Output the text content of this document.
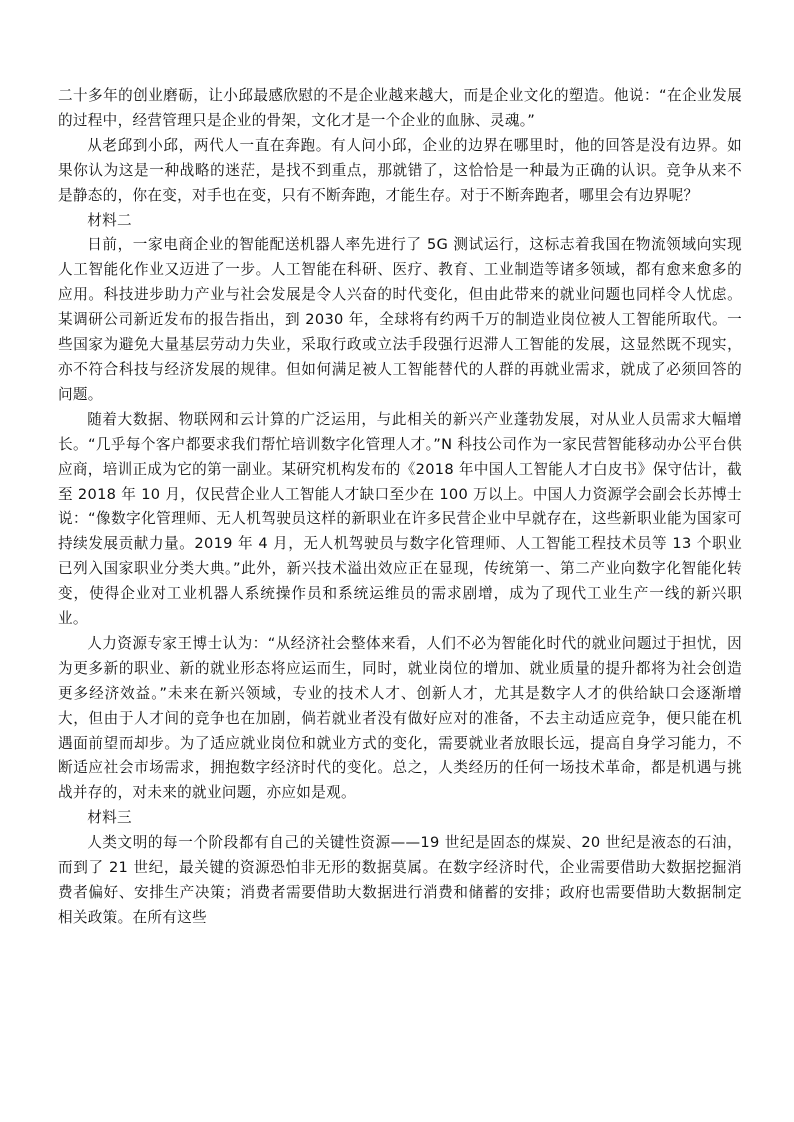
二十多年的创业磨砺，让小邱最感欣慰的不是企业越来越大，而是企业文化的塑造。他说：“在企业发展的过程中，经营管理只是企业的骨架，文化才是一个企业的血脉、灵魂。”

从老邱到小邱，两代人一直在奔跑。有人问小邱，企业的边界在哪里时，他的回答是没有边界。如果你认为这是一种战略的迷茫，是找不到重点，那就错了，这恰恰是一种最为正确的认识。竞争从来不是静态的，你在变，对手也在变，只有不断奔跑，才能生存。对于不断奔跑者，哪里会有边界呢？

材料二

日前，一家电商企业的智能配送机器人率先进行了 5G 测试运行，这标志着我国在物流领域向实现人工智能化作业又迈进了一步。人工智能在科研、医疗、教育、工业制造等诸多领域，都有愈来愈多的应用。科技进步助力产业与社会发展是令人兴奋的时代变化，但由此带来的就业问题也同样令人忧虑。某调研公司新近发布的报告指出，到 2030 年，全球将有约两千万的制造业岗位被人工智能所取代。一些国家为避免大量基层劳动力失业，采取行政或立法手段强行迟滞人工智能的发展，这显然既不现实，亦不符合科技与经济发展的规律。但如何满足被人工智能替代的人群的再就业需求，就成了必须回答的问题。

随着大数据、物联网和云计算的广泛运用，与此相关的新兴产业蓬勃发展，对从业人员需求大幅增长。“几乎每个客户都要求我们帮忙培训数字化管理人才。”N 科技公司作为一家民营智能移动办公平台供应商，培训正成为它的第一副业。某研究机构发布的《2018 年中国人工智能人才白皮书》保守估计，截至 2018 年 10 月，仅民营企业人工智能人才缺口至少在 100 万以上。中国人力资源学会副会长苏博士说：“像数字化管理师、无人机驾驶员这样的新职业在许多民营企业中早就存在，这些新职业能为国家可持续发展贡献力量。2019 年 4 月，无人机驾驶员与数字化管理师、人工智能工程技术员等 13 个职业已列入国家职业分类大典。”此外，新兴技术溢出效应正在显现，传统第一、第二产业向数字化智能化转变，使得企业对工业机器人系统操作员和系统运维员的需求剧增，成为了现代工业生产一线的新兴职业。

人力资源专家王博士认为：“从经济社会整体来看，人们不必为智能化时代的就业问题过于担忧，因为更多新的职业、新的就业形态将应运而生，同时，就业岗位的增加、就业质量的提升都将为社会创造更多经济效益。”未来在新兴领域，专业的技术人才、创新人才，尤其是数字人才的供给缺口会逐渐增大，但由于人才间的竞争也在加剧，倘若就业者没有做好应对的准备，不去主动适应竞争，便只能在机遇面前望而却步。为了适应就业岗位和就业方式的变化，需要就业者放眼长远，提高自身学习能力，不断适应社会市场需求，拥抱数字经济时代的变化。总之，人类经历的任何一场技术革命，都是机遇与挑战并存的，对未来的就业问题，亦应如是观。

材料三

人类文明的每一个阶段都有自己的关键性资源——19 世纪是固态的煤炭、20 世纪是液态的石油，而到了 21 世纪，最关键的资源恐怕非无形的数据莫属。在数字经济时代，企业需要借助大数据挖掘消费者偏好、安排生产决策；消费者需要借助大数据进行消费和储蓄的安排；政府也需要借助大数据制定相关政策。在所有这些
